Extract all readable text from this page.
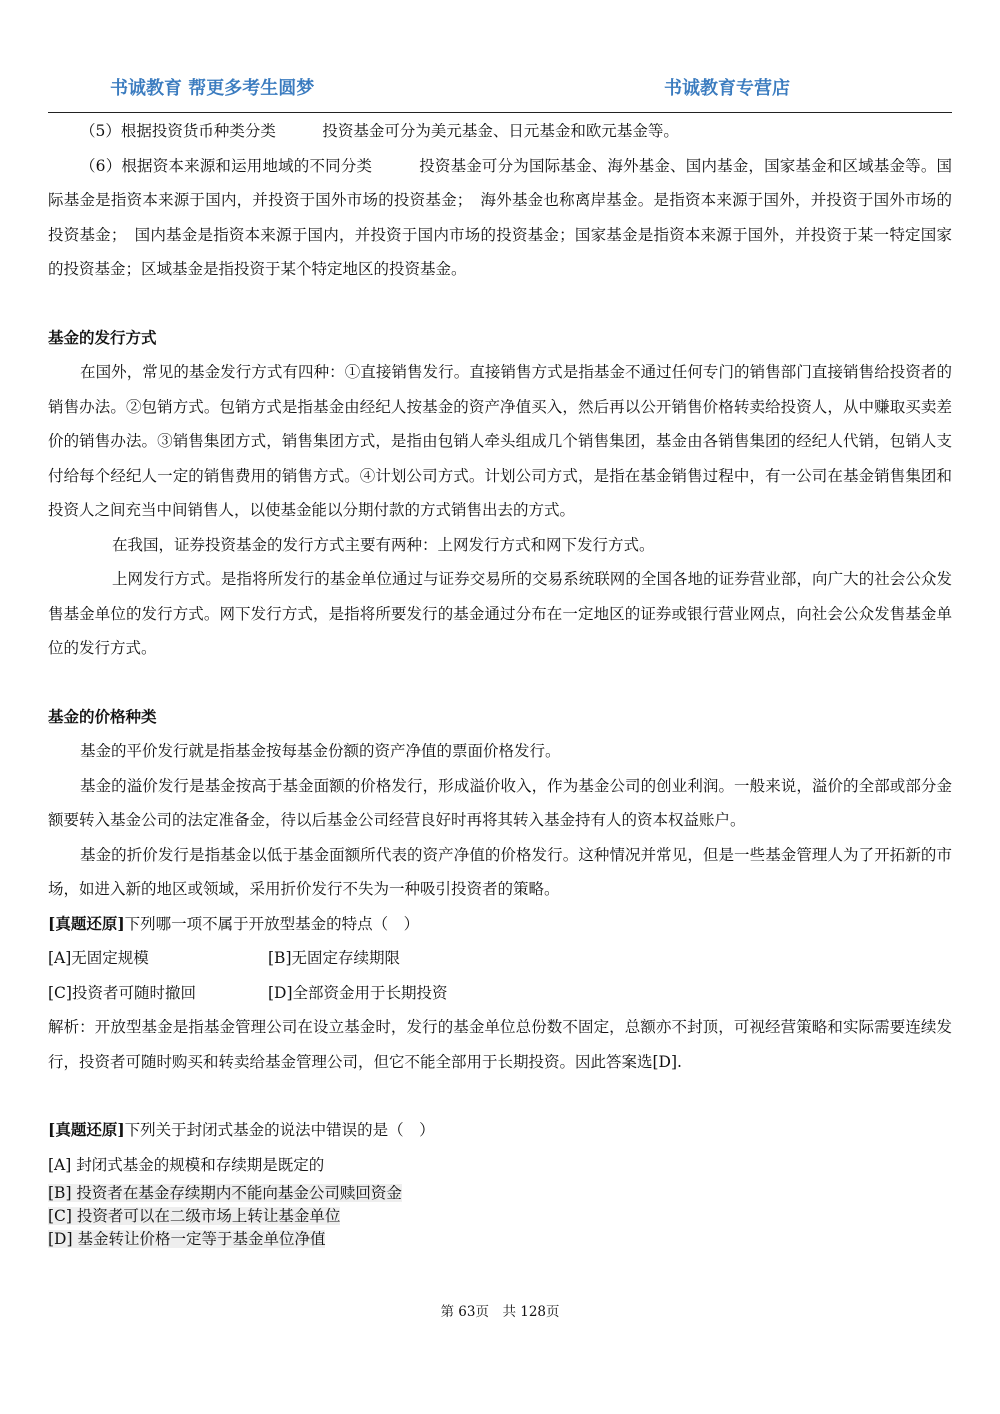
书诚教育 帮更多考生圆梦	书诚教育专营店

（5）根据投资货币种类分类　　　投资基金可分为美元基金、日元基金和欧元基金等。

（6）根据资本来源和运用地域的不同分类　　　投资基金可分为国际基金、海外基金、国内基金，国家基金和区域基金等。国际基金是指资本来源于国内，并投资于国外市场的投资基金；　海外基金也称离岸基金。是指资本来源于国外，并投资于国外市场的投资基金；　国内基金是指资本来源于国内，并投资于国内市场的投资基金；国家基金是指资本来源于国外，并投资于某一特定国家的投资基金；区域基金是指投资于某个特定地区的投资基金。

基金的发行方式

在国外，常见的基金发行方式有四种：①直接销售发行。直接销售方式是指基金不通过任何专门的销售部门直接销售给投资者的销售办法。②包销方式。包销方式是指基金由经纪人按基金的资产净值买入，然后再以公开销售价格转卖给投资人，从中赚取买卖差价的销售办法。③销售集团方式，销售集团方式，是指由包销人牵头组成几个销售集团，基金由各销售集团的经纪人代销，包销人支付给每个经纪人一定的销售费用的销售方式。④计划公司方式。计划公司方式，是指在基金销售过程中，有一公司在基金销售集团和投资人之间充当中间销售人，以使基金能以分期付款的方式销售出去的方式。

在我国，证券投资基金的发行方式主要有两种：上网发行方式和网下发行方式。

上网发行方式。是指将所发行的基金单位通过与证券交易所的交易系统联网的全国各地的证券营业部，向广大的社会公众发售基金单位的发行方式。网下发行方式，是指将所要发行的基金通过分布在一定地区的证券或银行营业网点，向社会公众发售基金单位的发行方式。

基金的价格种类

基金的平价发行就是指基金按每基金份额的资产净值的票面价格发行。

基金的溢价发行是基金按高于基金面额的价格发行，形成溢价收入，作为基金公司的创业利润。一般来说，溢价的全部或部分金额要转入基金公司的法定准备金，待以后基金公司经营良好时再将其转入基金持有人的资本权益账户。

基金的折价发行是指基金以低于基金面额所代表的资产净值的价格发行。这种情况并常见，但是一些基金管理人为了开拓新的市场，如进入新的地区或领域，采用折价发行不失为一种吸引投资者的策略。

[真题还原]下列哪一项不属于开放型基金的特点（　）

[A]无固定规模	[B]无固定存续期限
[C]投资者可随时撤回	[D]全部资金用于长期投资

解析：开放型基金是指基金管理公司在设立基金时，发行的基金单位总份数不固定，总额亦不封顶，可视经营策略和实际需要连续发行，投资者可随时购买和转卖给基金管理公司，但它不能全部用于长期投资。因此答案选[D].

[真题还原]下列关于封闭式基金的说法中错误的是（　）

[A] 封闭式基金的规模和存续期是既定的

[B] 投资者在基金存续期内不能向基金公司赎回资金

[C] 投资者可以在二级市场上转让基金单位

[D] 基金转让价格一定等于基金单位净值

第 63页　共 128页
